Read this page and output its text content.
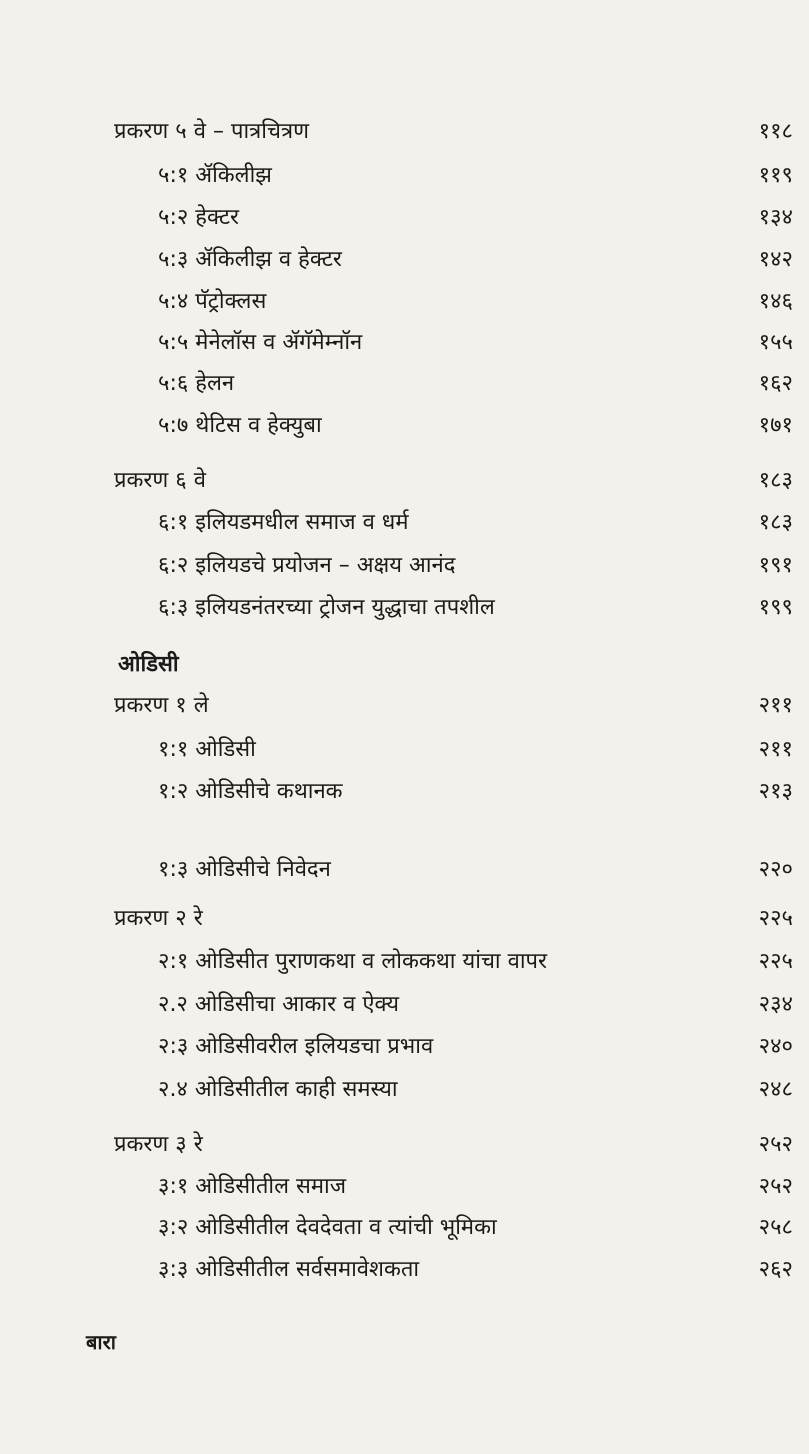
प्रकरण ५ वे – पात्रचित्रण	११८
५:१ ॲकिलीझ	११९
५:२ हेक्टर	१३४
५:३ ॲकिलीझ व हेक्टर	१४२
५:४ पॅट्रोक्लस	१४६
५:५ मेनेलॉस व ॲगॅमेम्नॉन	१५५
५:६ हेलन	१६२
५:७ थेटिस व हेक्युबा	१७१
प्रकरण ६ वे	१८३
६:१ इलियडमधील समाज व धर्म	१८३
६:२ इलियडचे प्रयोजन – अक्षय आनंद	१९१
६:३ इलियडनंतरच्या ट्रोजन युद्धाचा तपशील	१९९
ओडिसी
प्रकरण १ ले	२११
१:१ ओडिसी	२११
१:२ ओडिसीचे कथानक	२१३
१:३ ओडिसीचे निवेदन	२२०
प्रकरण २ रे	२२५
२:१ ओडिसीत पुराणकथा व लोककथा यांचा वापर	२२५
२.२ ओडिसीचा आकार व ऐक्य	२३४
२:३ ओडिसीवरील इलियडचा प्रभाव	२४०
२.४ ओडिसीतील काही समस्या	२४८
प्रकरण ३ रे	२५२
३:१ ओडिसीतील समाज	२५२
३:२ ओडिसीतील देवदेवता व त्यांची भूमिका	२५८
३:३ ओडिसीतील सर्वसमावेशकता	२६२
बारा
